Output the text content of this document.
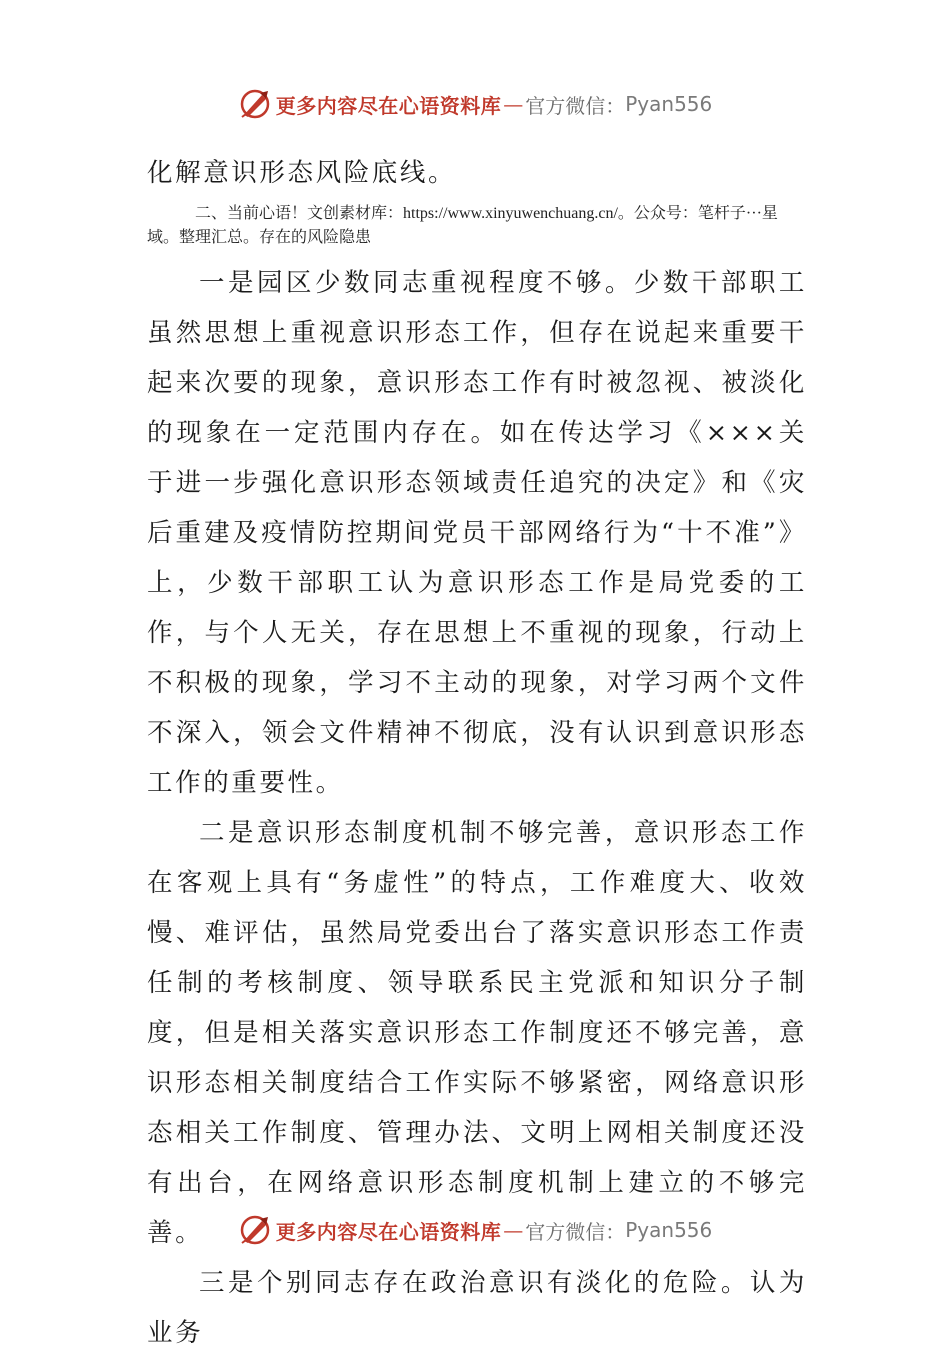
更多内容尽在心语资料库 — 官方微信： Pyan556

化解意识形态风险底线。

二、当前心语！文创素材库：https://www.xinyuwenchuang.cn/。公众号：笔杆子···星域。整理汇总。存在的风险隐患

一是园区少数同志重视程度不够。少数干部职工虽然思想上重视意识形态工作，但存在说起来重要干起来次要的现象，意识形态工作有时被忽视、被淡化的现象在一定范围内存在。如在传达学习《×××关于进一步强化意识形态领域责任追究的决定》和《灾后重建及疫情防控期间党员干部网络行为“十不准”》上，少数干部职工认为意识形态工作是局党委的工作，与个人无关，存在思想上不重视的现象，行动上不积极的现象，学习不主动的现象，对学习两个文件不深入，领会文件精神不彻底，没有认识到意识形态工作的重要性。

二是意识形态制度机制不够完善，意识形态工作在客观上具有“务虚性”的特点，工作难度大、收效慢、难评估，虽然局党委出台了落实意识形态工作责任制的考核制度、领导联系民主党派和知识分子制度，但是相关落实意识形态工作制度还不够完善，意识形态相关制度结合工作实际不够紧密，网络意识形态相关工作制度、管理办法、文明上网相关制度还没有出台，在网络意识形态制度机制上建立的不够完善。

三是个别同志存在政治意识有淡化的危险。认为业务

更多内容尽在心语资料库 — 官方微信： Pyan556
